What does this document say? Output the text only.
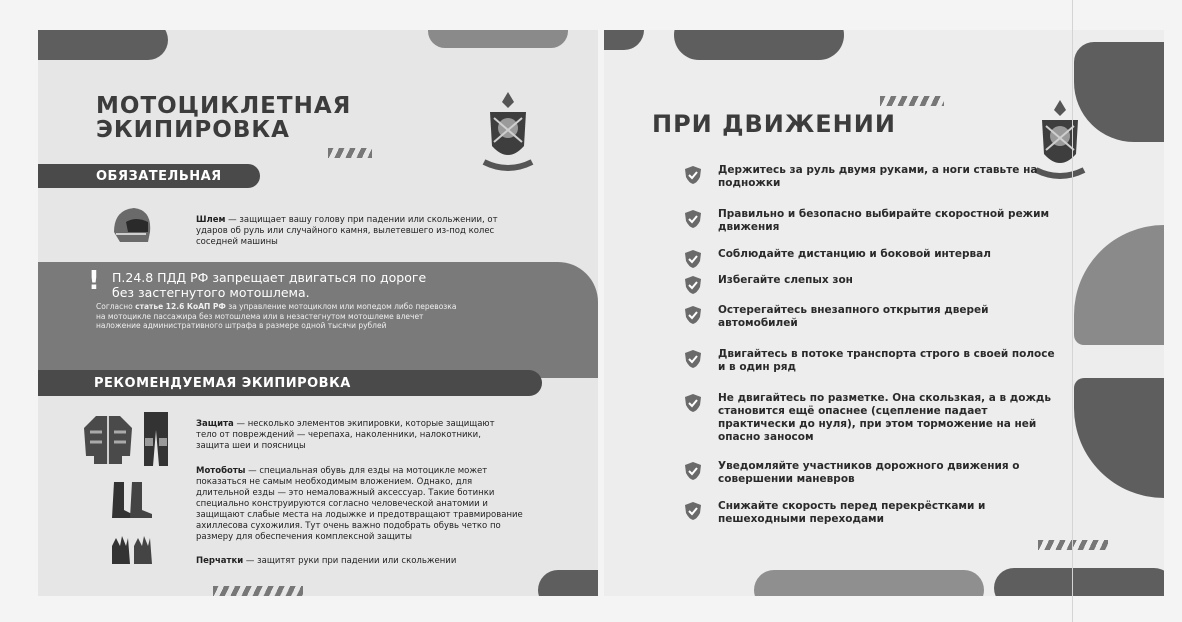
МОТОЦИКЛЕТНАЯ
ЭКИПИРОВКА
ОБЯЗАТЕЛЬНАЯ
Шлем — защищает вашу голову при падении или скольжении, от ударов об руль или случайного камня, вылетевшего из-под колес соседней машины
! П.24.8 ПДД РФ запрещает двигаться по дороге без застегнутого мотошлема.
Согласно статье 12.6 КоАП РФ за управление мотоциклом или мопедом либо перевозка на мотоцикле пассажира без мотошлема или в незастегнутом мотошлеме влечет наложение административного штрафа в размере одной тысячи рублей
РЕКОМЕНДУЕМАЯ ЭКИПИРОВКА
Защита — несколько элементов экипировки, которые защищают тело от повреждений — черепаха, наколенники, налокотники, защита шеи и поясницы
Мотоботы — специальная обувь для езды на мотоцикле может показаться не самым необходимым вложением. Однако, для длительной езды — это немаловажный аксессуар. Такие ботинки специально конструируются согласно человеческой анатомии и защищают слабые места на лодыжке и предотвращают травмирование ахиллесова сухожилия. Тут очень важно подобрать обувь четко по размеру для обеспечения комплексной защиты
Перчатки — защитят руки при падении или скольжении
ПРИ ДВИЖЕНИИ
Держитесь за руль двумя руками, а ноги ставьте на подножки
Правильно и безопасно выбирайте скоростной режим движения
Соблюдайте дистанцию и боковой интервал
Избегайте слепых зон
Остерегайтесь внезапного открытия дверей автомобилей
Двигайтесь в потоке транспорта строго в своей полосе и в один ряд
Не двигайтесь по разметке. Она скользкая, а в дождь становится ещё опаснее (сцепление падает практически до нуля), при этом торможение на ней опасно заносом
Уведомляйте участников дорожного движения о совершении маневров
Снижайте скорость перед перекрёстками и пешеходными переходами
